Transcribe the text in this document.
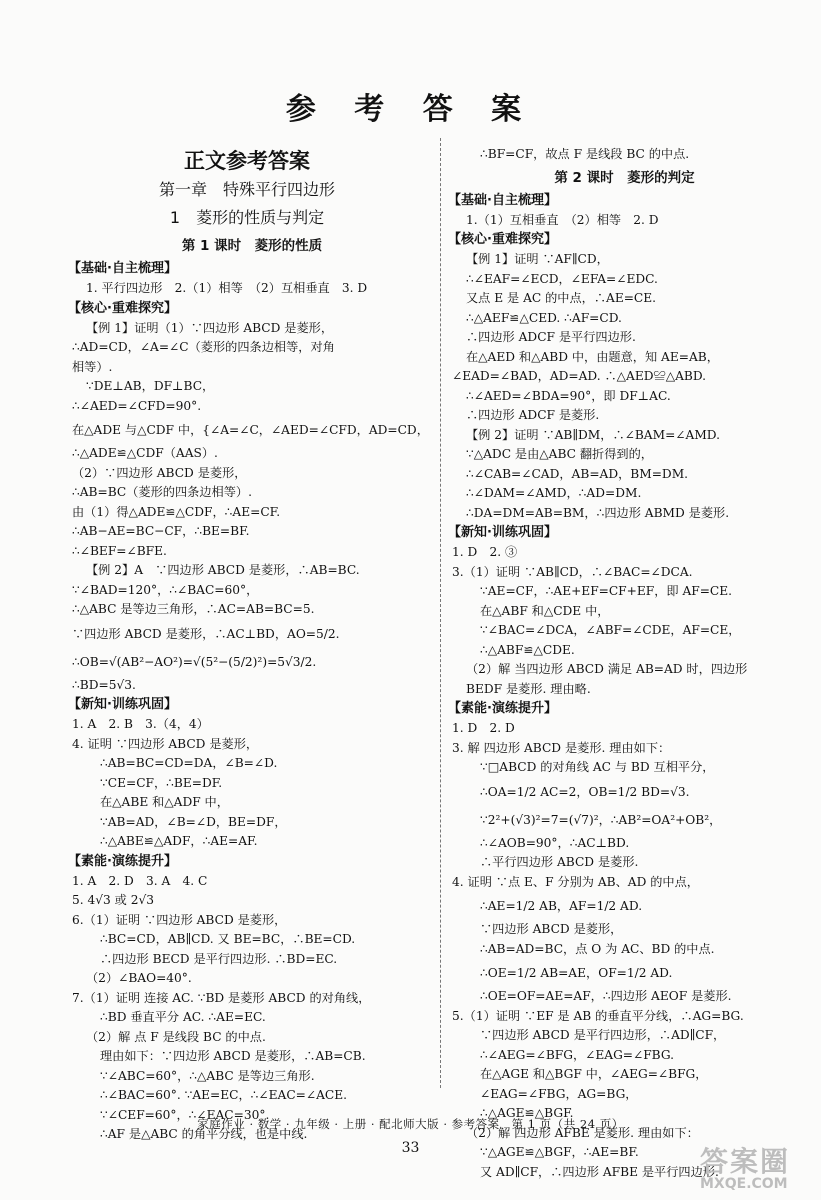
参 考 答 案
正文参考答案
第一章　特殊平行四边形
1　菱形的性质与判定
第 1 课时　菱形的性质
【基础·自主梳理】
1. 平行四边形　2.（1）相等　（2）互相垂直　3. D
【核心·重难探究】
【例 1】证明（1）∵四边形 ABCD 是菱形，
∴AD=CD，∠A=∠C（菱形的四条边相等，对角
相等）.
∵DE⊥AB，DF⊥BC，
∴∠AED=∠CFD=90°.
在△ADE 与△CDF 中，{∠A=∠C，∠AED=∠CFD，AD=CD，
∴△ADE≌△CDF（AAS）.
（2）∵四边形 ABCD 是菱形，
∴AB=BC（菱形的四条边相等）.
由（1）得△ADE≌△CDF，∴AE=CF.
∴AB−AE=BC−CF，∴BE=BF.
∴∠BEF=∠BFE.
【例 2】A　∵四边形 ABCD 是菱形，∴AB=BC.
∵∠BAD=120°，∴∠BAC=60°，
∴△ABC 是等边三角形，∴AC=AB=BC=5.
∵四边形 ABCD 是菱形，∴AC⊥BD，AO=5/2.
∴OB=√(AB²−AO²)=√(5²−(5/2)²)=5√3/2.
∴BD=5√3.
【新知·训练巩固】
1. A　2. B　3.（4，4）
4. 证明 ∵四边形 ABCD 是菱形，
∴AB=BC=CD=DA，∠B=∠D.
∵CE=CF，∴BE=DF.
在△ABE 和△ADF 中，
∵AB=AD，∠B=∠D，BE=DF，
∴△ABE≌△ADF，∴AE=AF.
【素能·演练提升】
1. A　2. D　3. A　4. C
5. 4√3 或 2√3
6.（1）证明 ∵四边形 ABCD 是菱形，
∴BC=CD，AB∥CD. 又 BE=BC，∴BE=CD.
∴四边形 BECD 是平行四边形. ∴BD=EC.
（2）∠BAO=40°.
7.（1）证明 连接 AC. ∵BD 是菱形 ABCD 的对角线，
∴BD 垂直平分 AC. ∴AE=EC.
（2）解 点 F 是线段 BC 的中点.
理由如下：∵四边形 ABCD 是菱形，∴AB=CB.
∵∠ABC=60°，∴△ABC 是等边三角形.
∴∠BAC=60°. ∵AE=EC，∴∠EAC=∠ACE.
∵∠CEF=60°，∴∠EAC=30°.
∴AF 是△ABC 的角平分线，也是中线.
∴BF=CF，故点 F 是线段 BC 的中点.
第 2 课时　菱形的判定
【基础·自主梳理】
1.（1）互相垂直　（2）相等　2. D
【核心·重难探究】
【例 1】证明 ∵AF∥CD，
∴∠EAF=∠ECD，∠EFA=∠EDC.
又点 E 是 AC 的中点，∴AE=CE.
∴△AEF≌△CED. ∴AF=CD.
∴四边形 ADCF 是平行四边形.
在△AED 和△ABD 中，由题意，知 AE=AB，
∠EAD=∠BAD，AD=AD. ∴△AED≌△ABD.
∴∠AED=∠BDA=90°，即 DF⊥AC.
∴四边形 ADCF 是菱形.
【例 2】证明 ∵AB∥DM，∴∠BAM=∠AMD.
∵△ADC 是由△ABC 翻折得到的，
∴∠CAB=∠CAD，AB=AD，BM=DM.
∴∠DAM=∠AMD，∴AD=DM.
∴DA=DM=AB=BM，∴四边形 ABMD 是菱形.
【新知·训练巩固】
1. D　2. ③
3.（1）证明 ∵AB∥CD，∴∠BAC=∠DCA.
∵AE=CF，∴AE+EF=CF+EF，即 AF=CE.
在△ABF 和△CDE 中，
∵∠BAC=∠DCA，∠ABF=∠CDE，AF=CE，
∴△ABF≌△CDE.
（2）解 当四边形 ABCD 满足 AB=AD 时，四边形
BEDF 是菱形. 理由略.
【素能·演练提升】
1. D　2. D
3. 解 四边形 ABCD 是菱形. 理由如下：
∵□ABCD 的对角线 AC 与 BD 互相平分，
∴OA=1/2 AC=2，OB=1/2 BD=√3.
∵2²+(√3)²=7=(√7)²，∴AB²=OA²+OB²，
∴∠AOB=90°，∴AC⊥BD.
∴平行四边形 ABCD 是菱形.
4. 证明 ∵点 E、F 分别为 AB、AD 的中点，
∴AE=1/2 AB，AF=1/2 AD.
∵四边形 ABCD 是菱形，
∴AB=AD=BC，点 O 为 AC、BD 的中点.
∴OE=1/2 AB=AE，OF=1/2 AD.
∴OE=OF=AE=AF，∴四边形 AEOF 是菱形.
5.（1）证明 ∵EF 是 AB 的垂直平分线，∴AG=BG.
∵四边形 ABCD 是平行四边形，∴AD∥CF，
∴∠AEG=∠BFG，∠EAG=∠FBG.
在△AGE 和△BGF 中，∠AEG=∠BFG，
∠EAG=∠FBG，AG=BG，
∴△AGE≌△BGF.
（2）解 四边形 AFBE 是菱形. 理由如下：
∵△AGE≌△BGF，∴AE=BF.
又 AD∥CF，∴四边形 AFBE 是平行四边形.
家庭作业 · 数学 · 九年级 · 上册 · 配北师大版 · 参考答案　第 1 页（共 24 页）
33	答案圈
MXQE.COM
